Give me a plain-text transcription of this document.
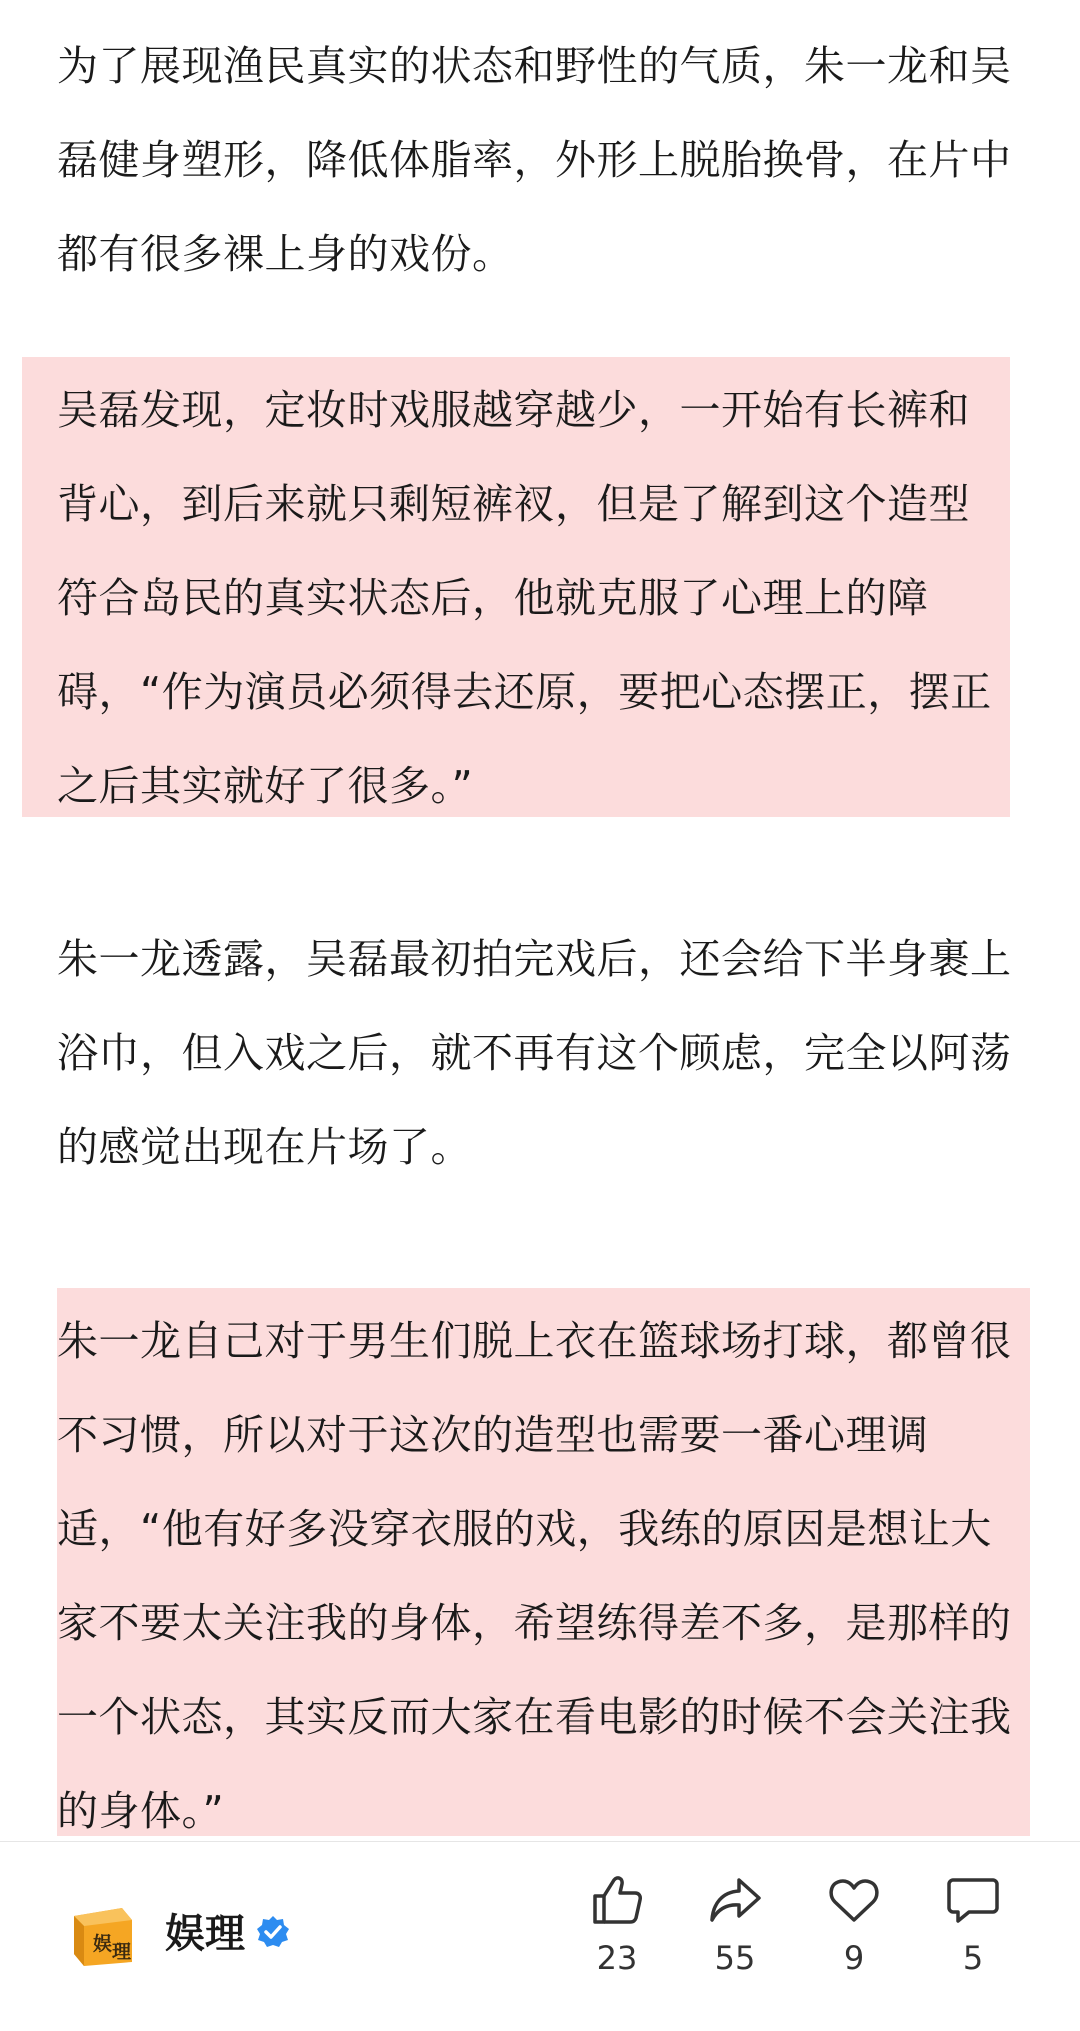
为了展现渔民真实的状态和野性的气质，朱一龙和吴磊健身塑形，降低体脂率，外形上脱胎换骨，在片中都有很多裸上身的戏份。

吴磊发现，定妆时戏服越穿越少，一开始有长裤和背心，到后来就只剩短裤衩，但是了解到这个造型符合岛民的真实状态后，他就克服了心理上的障碍，“作为演员必须得去还原，要把心态摆正，摆正之后其实就好了很多。”

朱一龙透露，吴磊最初拍完戏后，还会给下半身裹上浴巾，但入戏之后，就不再有这个顾虑，完全以阿荡的感觉出现在片场了。

朱一龙自己对于男生们脱上衣在篮球场打球，都曾很不习惯，所以对于这次的造型也需要一番心理调适，“他有好多没穿衣服的戏，我练的原因是想让大家不要太关注我的身体，希望练得差不多，是那样的一个状态，其实反而大家在看电影的时候不会关注我的身体。”

娱 理 娱理
23	55	9	5
